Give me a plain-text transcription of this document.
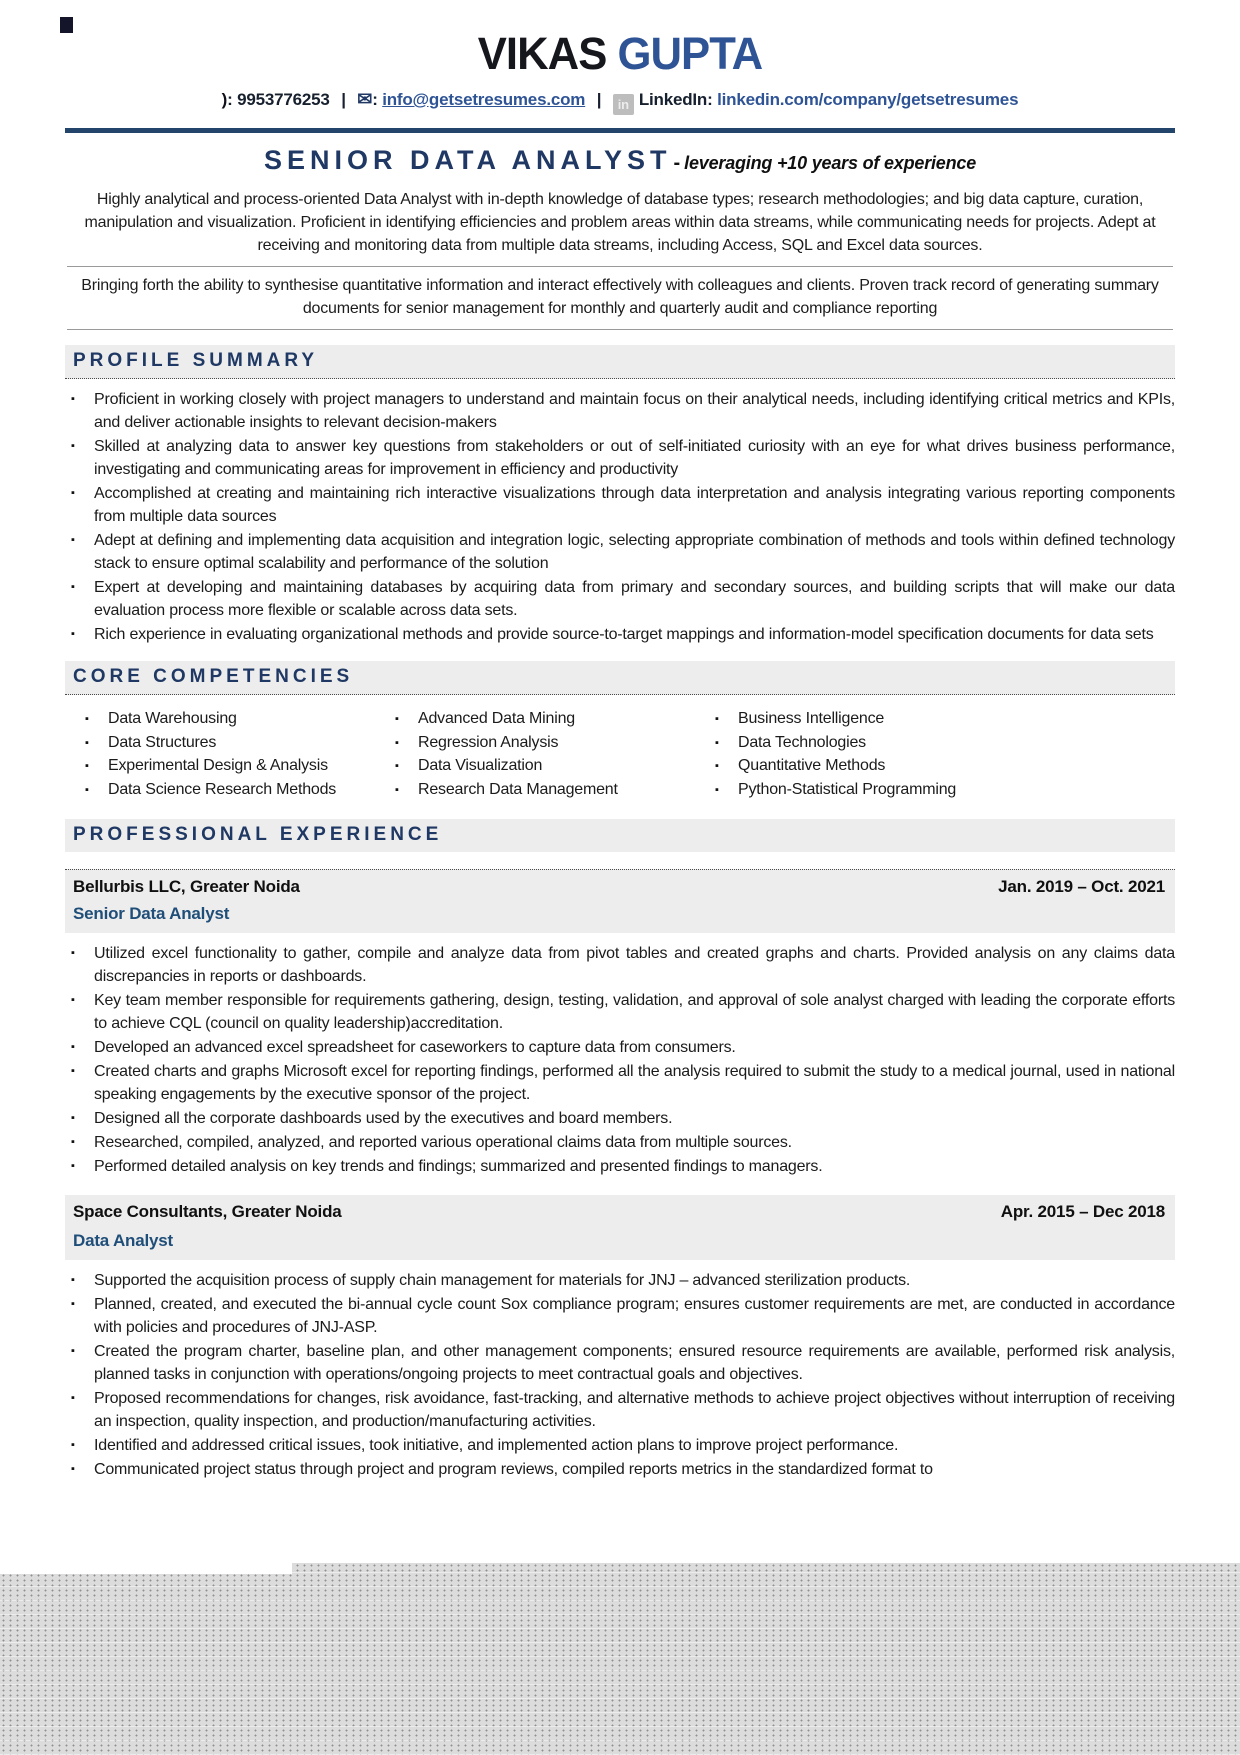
VIKAS GUPTA
): 9953776253 | ✉: info@getsetresumes.com | in LinkedIn: linkedin.com/company/getsetresumes
SENIOR DATA ANALYST - leveraging +10 years of experience

Highly analytical and process-oriented Data Analyst with in-depth knowledge of database types; research methodologies; and big data capture, curation, manipulation and visualization. Proficient in identifying efficiencies and problem areas within data streams, while communicating needs for projects. Adept at receiving and monitoring data from multiple data streams, including Access, SQL and Excel data sources.

Bringing forth the ability to synthesise quantitative information and interact effectively with colleagues and clients. Proven track record of generating summary documents for senior management for monthly and quarterly audit and compliance reporting

PROFILE SUMMARY
▪ Proficient in working closely with project managers to understand and maintain focus on their analytical needs, including identifying critical metrics and KPIs, and deliver actionable insights to relevant decision-makers
▪ Skilled at analyzing data to answer key questions from stakeholders or out of self-initiated curiosity with an eye for what drives business performance, investigating and communicating areas for improvement in efficiency and productivity
▪ Accomplished at creating and maintaining rich interactive visualizations through data interpretation and analysis integrating various reporting components from multiple data sources
▪ Adept at defining and implementing data acquisition and integration logic, selecting appropriate combination of methods and tools within defined technology stack to ensure optimal scalability and performance of the solution
▪ Expert at developing and maintaining databases by acquiring data from primary and secondary sources, and building scripts that will make our data evaluation process more flexible or scalable across data sets.
▪ Rich experience in evaluating organizational methods and provide source-to-target mappings and information-model specification documents for data sets
CORE COMPETENCIES
▪ Data Warehousing
▪ Data Structures
▪ Experimental Design & Analysis
▪ Data Science Research Methods
▪ Advanced Data Mining
▪ Regression Analysis
▪ Data Visualization
▪ Research Data Management
▪ Business Intelligence
▪ Data Technologies
▪ Quantitative Methods
▪ Python-Statistical Programming
PROFESSIONAL EXPERIENCE
Bellurbis LLC, Greater Noida	Jan. 2019 – Oct. 2021
Senior Data Analyst
▪ Utilized excel functionality to gather, compile and analyze data from pivot tables and created graphs and charts. Provided analysis on any claims data discrepancies in reports or dashboards.
▪ Key team member responsible for requirements gathering, design, testing, validation, and approval of sole analyst charged with leading the corporate efforts to achieve CQL (council on quality leadership)accreditation.
▪ Developed an advanced excel spreadsheet for caseworkers to capture data from consumers.
▪ Created charts and graphs Microsoft excel for reporting findings, performed all the analysis required to submit the study to a medical journal, used in national speaking engagements by the executive sponsor of the project.
▪ Designed all the corporate dashboards used by the executives and board members.
▪ Researched, compiled, analyzed, and reported various operational claims data from multiple sources.
▪ Performed detailed analysis on key trends and findings; summarized and presented findings to managers.
Space Consultants, Greater Noida	Apr. 2015 – Dec 2018
Data Analyst
▪ Supported the acquisition process of supply chain management for materials for JNJ – advanced sterilization products.
▪ Planned, created, and executed the bi-annual cycle count Sox compliance program; ensures customer requirements are met, are conducted in accordance with policies and procedures of JNJ-ASP.
▪ Created the program charter, baseline plan, and other management components; ensured resource requirements are available, performed risk analysis, planned tasks in conjunction with operations/ongoing projects to meet contractual goals and objectives.
▪ Proposed recommendations for changes, risk avoidance, fast-tracking, and alternative methods to achieve project objectives without interruption of receiving an inspection, quality inspection, and production/manufacturing activities.
▪ Identified and addressed critical issues, took initiative, and implemented action plans to improve project performance.
▪ Communicated project status through project and program reviews, compiled reports metrics in the standardized format to
